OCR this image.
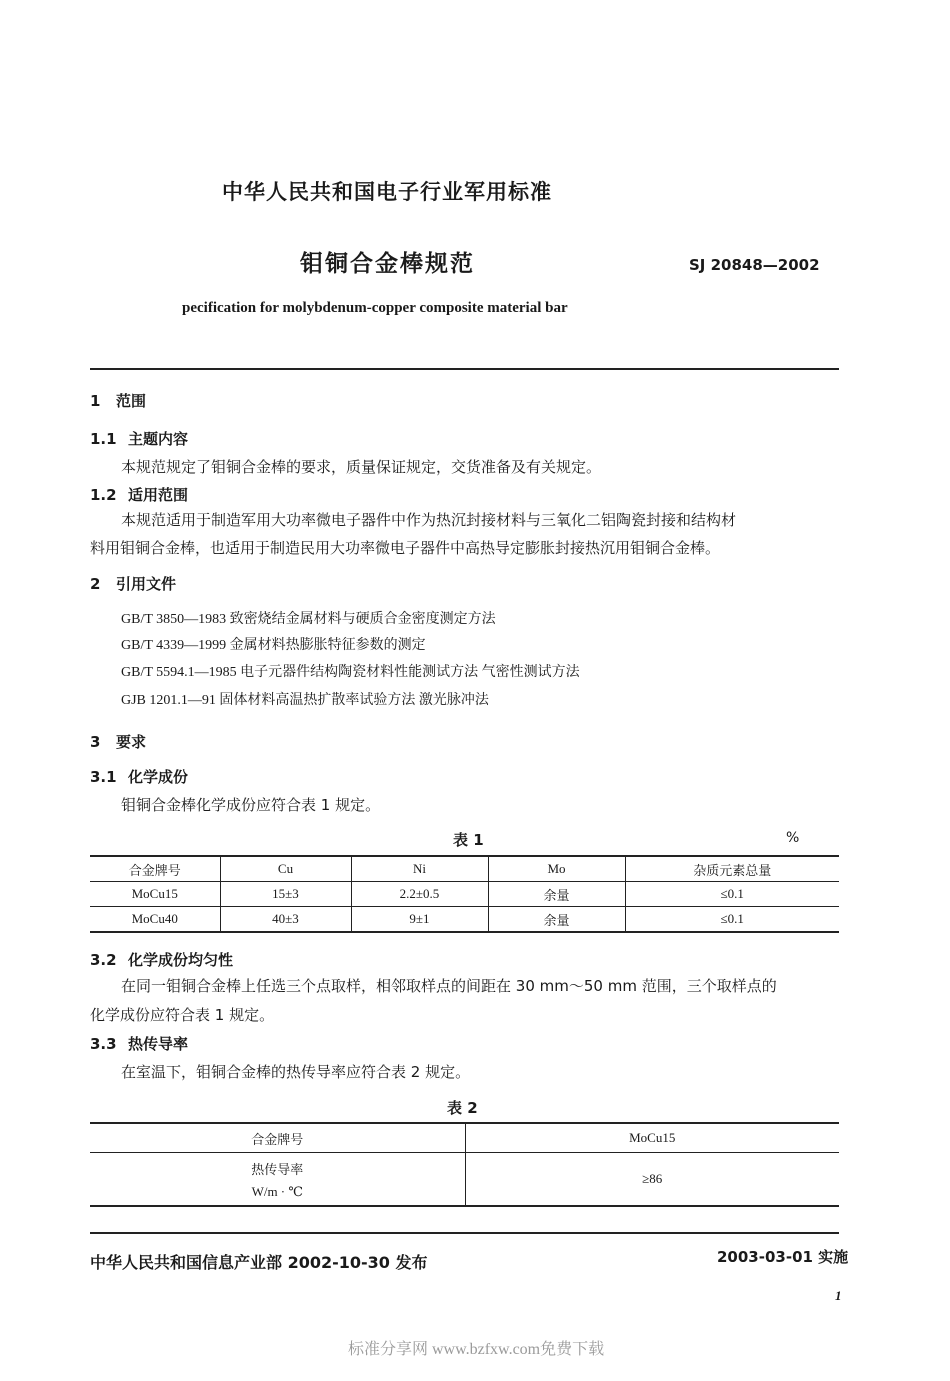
中华人民共和国电子行业军用标准
钼铜合金棒规范	SJ 20848—2002
pecification for molybdenum-copper composite material bar
1 范围
1.1 主题内容
本规范规定了钼铜合金棒的要求，质量保证规定，交货准备及有关规定。
1.2 适用范围
本规范适用于制造军用大功率微电子器件中作为热沉封接材料与三氧化二铝陶瓷封接和结构材
料用钼铜合金棒，也适用于制造民用大功率微电子器件中高热导定膨胀封接热沉用钼铜合金棒。
2 引用文件
GB/T 3850—1983 致密烧结金属材料与硬质合金密度测定方法
GB/T 4339—1999 金属材料热膨胀特征参数的测定
GB/T 5594.1—1985 电子元器件结构陶瓷材料性能测试方法 气密性测试方法
GJB 1201.1—91 固体材料高温热扩散率试验方法 激光脉冲法
3 要求
3.1 化学成份
钼铜合金棒化学成份应符合表 1 规定。
表 1	%
合金牌号	Cu	Ni	Mo	杂质元素总量
MoCu15	15±3	2.2±0.5	余量	≤0.1
MoCu40	40±3	9±1	余量	≤0.1
3.2 化学成份均匀性
在同一钼铜合金棒上任选三个点取样，相邻取样点的间距在 30 mm～50 mm 范围，三个取样点的
化学成份应符合表 1 规定。
3.3 热传导率
在室温下，钼铜合金棒的热传导率应符合表 2 规定。
表 2
合金牌号	MoCu15

热传导率
W/m · ℃	≥86
中华人民共和国信息产业部 2002-10-30 发布	2003-03-01 实施
1
标准分享网 www.bzfxw.com免费下载
